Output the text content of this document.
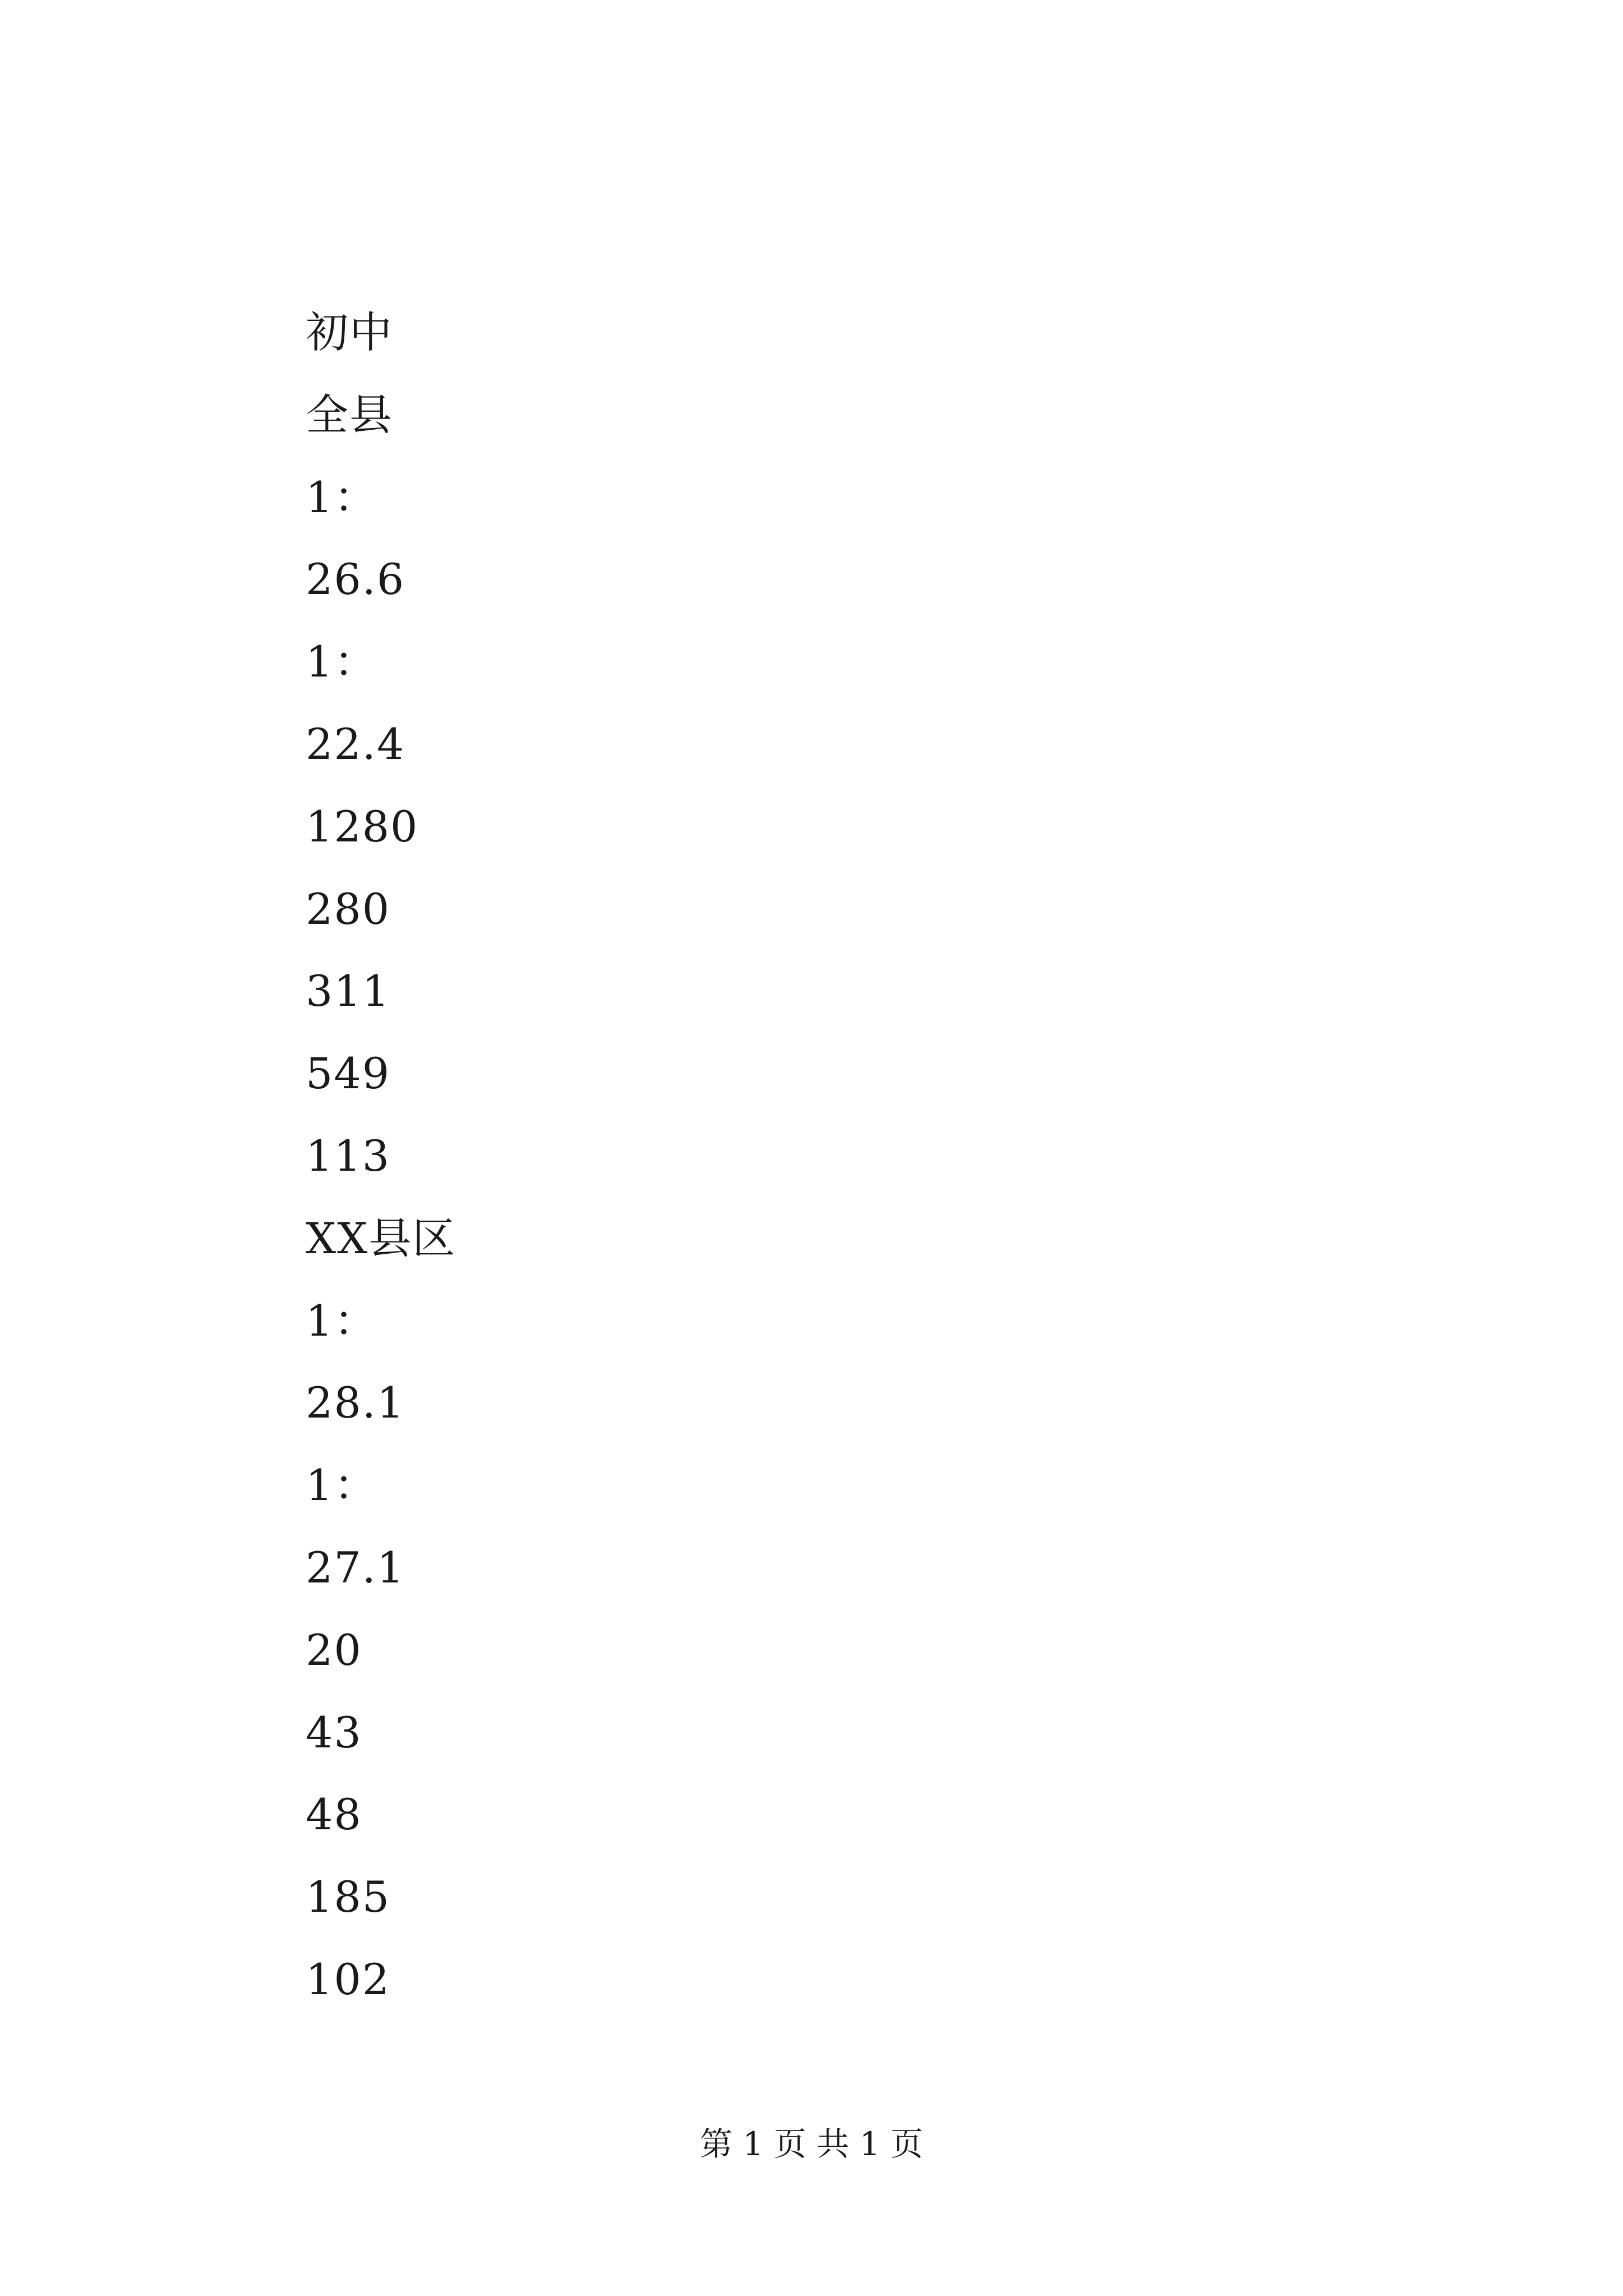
初中
全县
1：
26.6
1：
22.4
1280
280
311
549
113
XX县区
1：
28.1
1：
27.1
20
43
48
185
102
第 1 页 共 1 页
